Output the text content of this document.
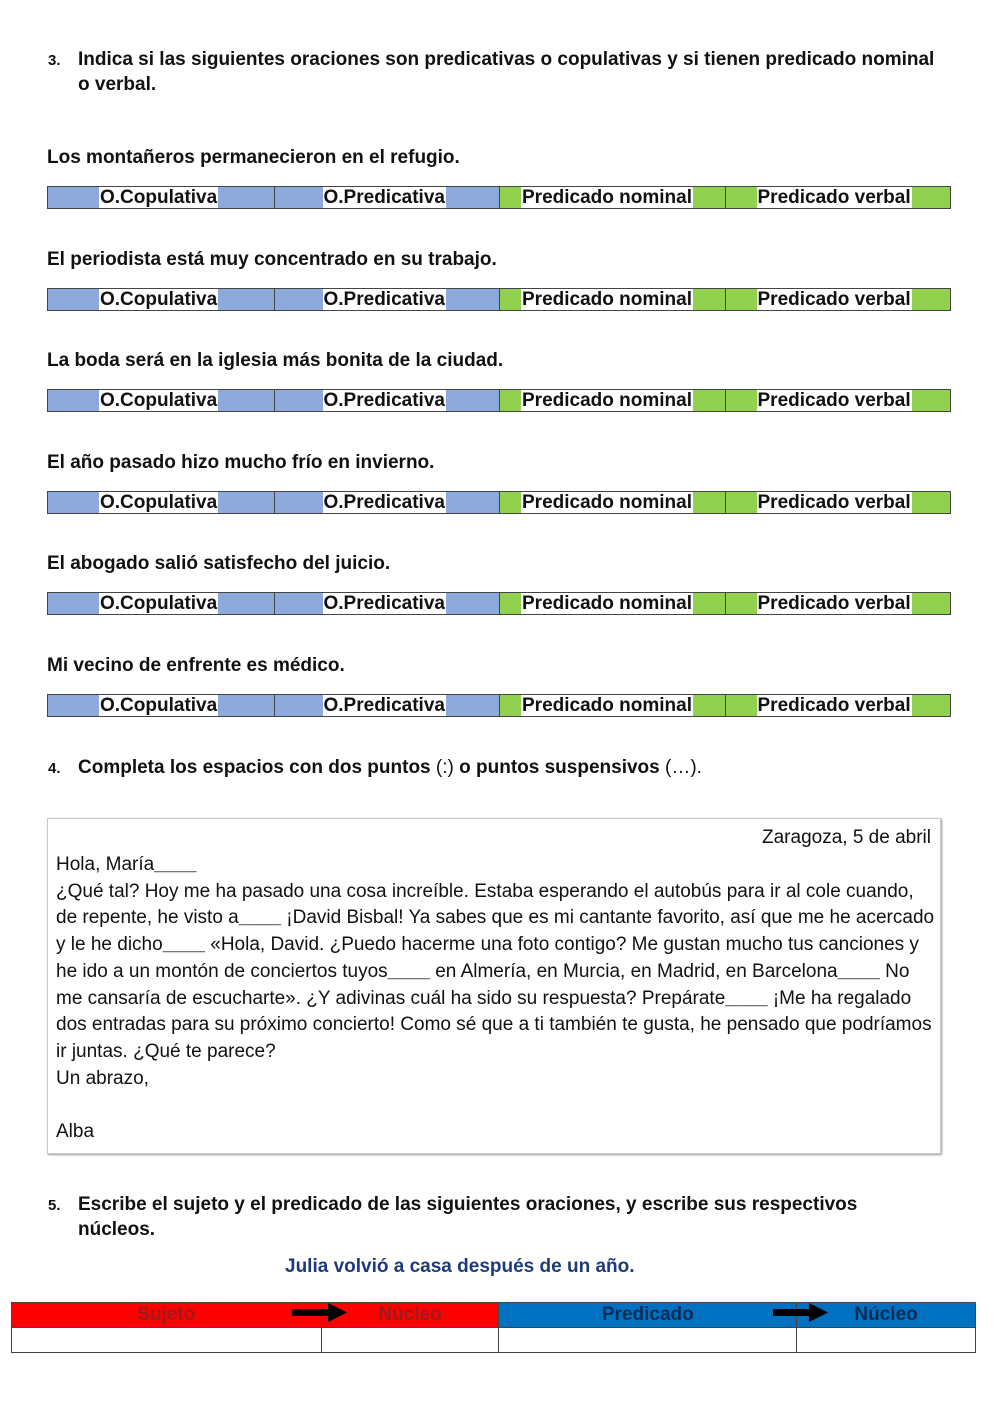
3. Indica si las siguientes oraciones son predicativas o copulativas y si tienen predicado nominal o verbal.
Los montañeros permanecieron en el refugio.
O.Copulativa	O.Predicativa	Predicado nominal	Predicado verbal
El periodista está muy concentrado en su trabajo.
O.Copulativa	O.Predicativa	Predicado nominal	Predicado verbal
La boda será en la iglesia más bonita de la ciudad.
O.Copulativa	O.Predicativa	Predicado nominal	Predicado verbal
El año pasado hizo mucho frío en invierno.
O.Copulativa	O.Predicativa	Predicado nominal	Predicado verbal
El abogado salió satisfecho del juicio.
O.Copulativa	O.Predicativa	Predicado nominal	Predicado verbal
Mi vecino de enfrente es médico.
O.Copulativa	O.Predicativa	Predicado nominal	Predicado verbal
4. Completa los espacios con dos puntos (:) o puntos suspensivos (…).
Zaragoza, 5 de abril
Hola, María____
¿Qué tal? Hoy me ha pasado una cosa increíble. Estaba esperando el autobús para ir al cole cuando, de repente, he visto a____ ¡David Bisbal! Ya sabes que es mi cantante favorito, así que me he acercado y le he dicho____ «Hola, David. ¿Puedo hacerme una foto contigo? Me gustan mucho tus canciones y he ido a un montón de conciertos tuyos____ en Almería, en Murcia, en Madrid, en Barcelona____ No me cansaría de escucharte». ¿Y adivinas cuál ha sido su respuesta? Prepárate____ ¡Me ha regalado dos entradas para su próximo concierto! Como sé que a ti también te gusta, he pensado que podríamos ir juntas. ¿Qué te parece?
Un abrazo,
Alba
5. Escribe el sujeto y el predicado de las siguientes oraciones, y escribe sus respectivos núcleos.
Julia volvió a casa después de un año.
Sujeto	Núcleo	Predicado	Núcleo
